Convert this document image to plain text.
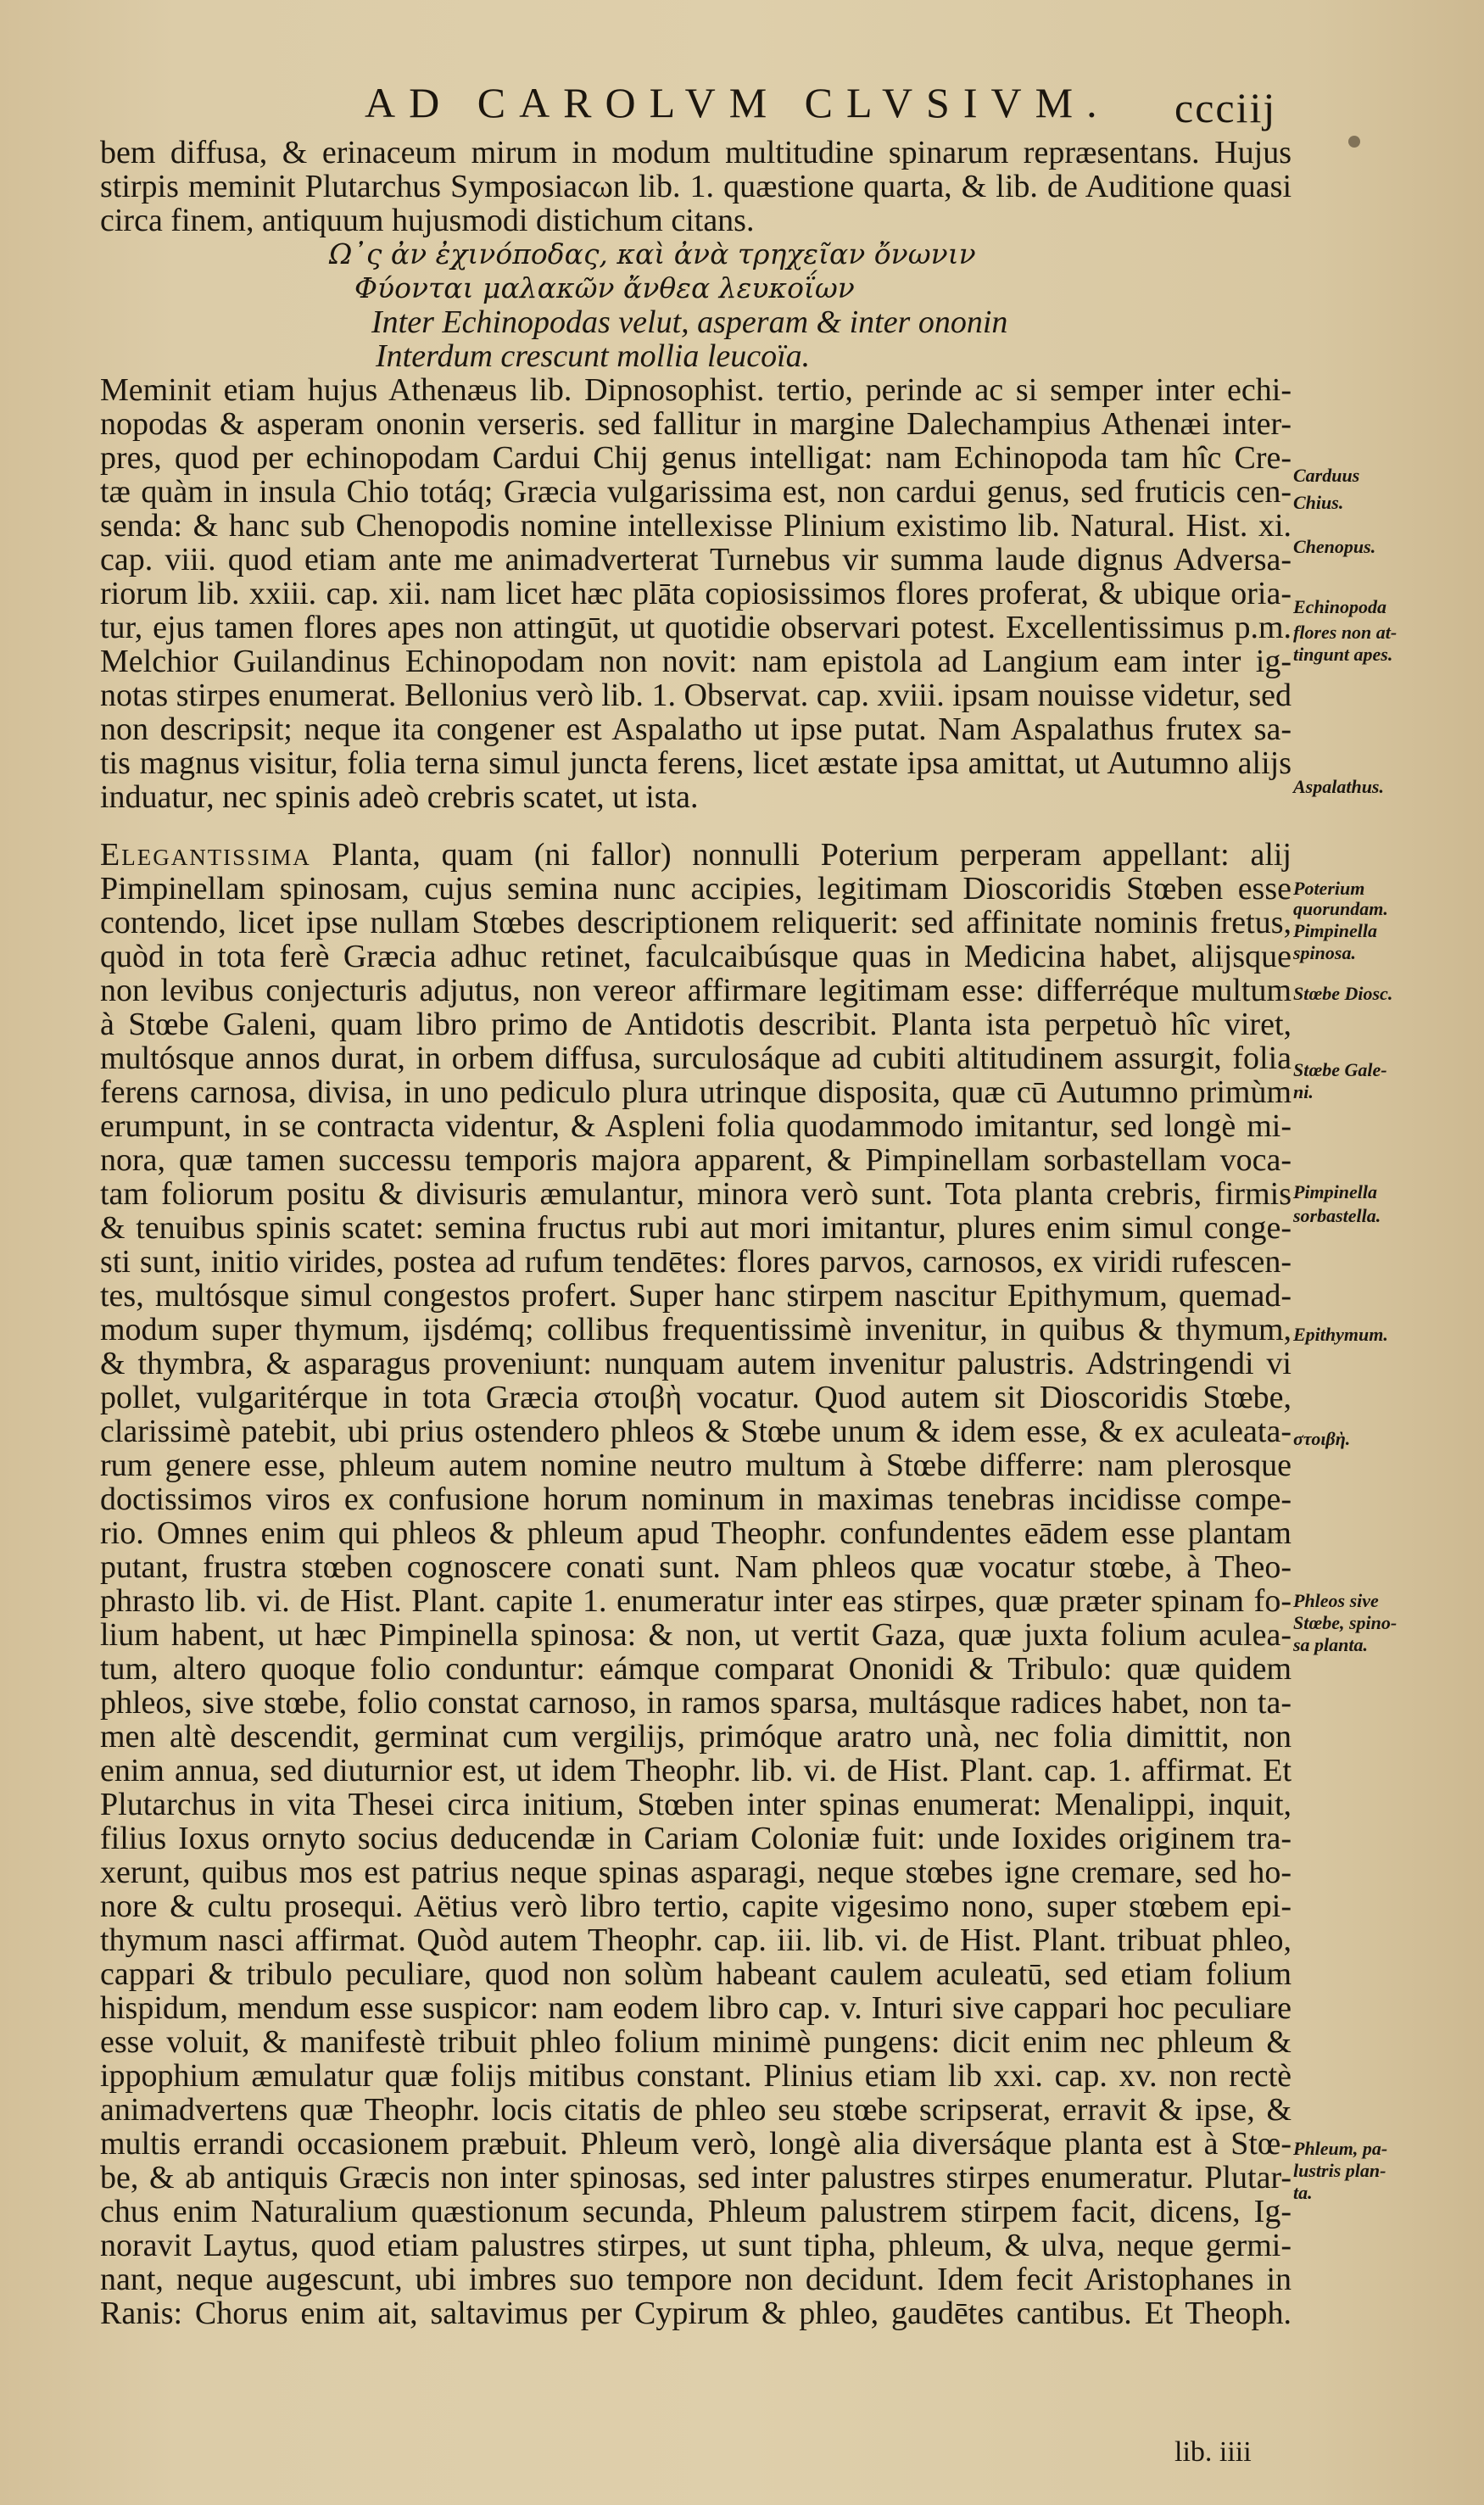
AD CAROLVM CLVSIVM. ccciij
bem diffusa, & erinaceum mirum in modum multitudine spinarum repræsentans. Hujus
stirpis meminit Plutarchus Symposiacωn lib. 1. quæstione quarta, & lib. de Auditione quasi
circa finem, antiquum hujusmodi distichum citans.
Ω᾽ς ἀν ἐχινόποδας, καὶ ἀνὰ τρηχεῖαν ὄνωνιν
Φύονται μαλακῶν ἄνθεα λευκοΐων
Inter Echinopodas velut, asperam & inter ononin
Interdum crescunt mollia leucoïa.
Meminit etiam hujus Athenæus lib. Dipnosophist. tertio, perinde ac si semper inter echi-
nopodas & asperam ononin verseris. sed fallitur in margine Dalechampius Athenæi inter-
pres, quod per echinopodam Cardui Chij genus intelligat: nam Echinopoda tam hîc Cre-
tæ quàm in insula Chio totáq; Græcia vulgarissima est, non cardui genus, sed fruticis cen-
senda: & hanc sub Chenopodis nomine intellexisse Plinium existimo lib. Natural. Hist. xi.
cap. viii. quod etiam ante me animadverterat Turnebus vir summa laude dignus Adversa-
riorum lib. xxiii. cap. xii. nam licet hæc plāta copiosissimos flores proferat, & ubique oria-
tur, ejus tamen flores apes non attingūt, ut quotidie observari potest. Excellentissimus p.m.
Melchior Guilandinus Echinopodam non novit: nam epistola ad Langium eam inter ig-
notas stirpes enumerat. Bellonius verò lib. 1. Observat. cap. xviii. ipsam nouisse videtur, sed
non descripsit; neque ita congener est Aspalatho ut ipse putat. Nam Aspalathus frutex sa-
tis magnus visitur, folia terna simul juncta ferens, licet æstate ipsa amittat, ut Autumno alijs
induatur, nec spinis adeò crebris scatet, ut ista.
Elegantissima Planta, quam (ni fallor) nonnulli Poterium perperam appellant: alij
Pimpinellam spinosam, cujus semina nunc accipies, legitimam Dioscoridis Stœben esse
contendo, licet ipse nullam Stœbes descriptionem reliquerit: sed affinitate nominis fretus,
quòd in tota ferè Græcia adhuc retinet, faculcaibúsque quas in Medicina habet, alijsque
non levibus conjecturis adjutus, non vereor affirmare legitimam esse: differréque multum
à Stœbe Galeni, quam libro primo de Antidotis describit. Planta ista perpetuò hîc viret,
multósque annos durat, in orbem diffusa, surculosáque ad cubiti altitudinem assurgit, folia
ferens carnosa, divisa, in uno pediculo plura utrinque disposita, quæ cū Autumno primùm
erumpunt, in se contracta videntur, & Aspleni folia quodammodo imitantur, sed longè mi-
nora, quæ tamen successu temporis majora apparent, & Pimpinellam sorbastellam voca-
tam foliorum positu & divisuris æmulantur, minora verò sunt. Tota planta crebris, firmis
& tenuibus spinis scatet: semina fructus rubi aut mori imitantur, plures enim simul conge-
sti sunt, initio virides, postea ad rufum tendētes: flores parvos, carnosos, ex viridi rufescen-
tes, multósque simul congestos profert. Super hanc stirpem nascitur Epithymum, quemad-
modum super thymum, ijsdémq; collibus frequentissimè invenitur, in quibus & thymum,
& thymbra, & asparagus proveniunt: nunquam autem invenitur palustris. Adstringendi vi
pollet, vulgaritérque in tota Græcia στοιβὴ vocatur. Quod autem sit Dioscoridis Stœbe,
clarissimè patebit, ubi prius ostendero phleos & Stœbe unum & idem esse, & ex aculeata-
rum genere esse, phleum autem nomine neutro multum à Stœbe differre: nam plerosque
doctissimos viros ex confusione horum nominum in maximas tenebras incidisse compe-
rio. Omnes enim qui phleos & phleum apud Theophr. confundentes eādem esse plantam
putant, frustra stœben cognoscere conati sunt. Nam phleos quæ vocatur stœbe, à Theo-
phrasto lib. vi. de Hist. Plant. capite 1. enumeratur inter eas stirpes, quæ præter spinam fo-
lium habent, ut hæc Pimpinella spinosa: & non, ut vertit Gaza, quæ juxta folium aculea-
tum, altero quoque folio conduntur: eámque comparat Ononidi & Tribulo: quæ quidem
phleos, sive stœbe, folio constat carnoso, in ramos sparsa, multásque radices habet, non ta-
men altè descendit, germinat cum vergilijs, primóque aratro unà, nec folia dimittit, non
enim annua, sed diuturnior est, ut idem Theophr. lib. vi. de Hist. Plant. cap. 1. affirmat. Et
Plutarchus in vita Thesei circa initium, Stœben inter spinas enumerat: Menalippi, inquit,
filius Ioxus ornyto socius deducendæ in Cariam Coloniæ fuit: unde Ioxides originem tra-
xerunt, quibus mos est patrius neque spinas asparagi, neque stœbes igne cremare, sed ho-
nore & cultu prosequi. Aëtius verò libro tertio, capite vigesimo nono, super stœbem epi-
thymum nasci affirmat. Quòd autem Theophr. cap. iii. lib. vi. de Hist. Plant. tribuat phleo,
cappari & tribulo peculiare, quod non solùm habeant caulem aculeatū, sed etiam folium
hispidum, mendum esse suspicor: nam eodem libro cap. v. Inturi sive cappari hoc peculiare
esse voluit, & manifestè tribuit phleo folium minimè pungens: dicit enim nec phleum &
ippophium æmulatur quæ folijs mitibus constant. Plinius etiam lib xxi. cap. xv. non rectè
animadvertens quæ Theophr. locis citatis de phleo seu stœbe scripserat, erravit & ipse, &
multis errandi occasionem præbuit. Phleum verò, longè alia diversáque planta est à Stœ-
be, & ab antiquis Græcis non inter spinosas, sed inter palustres stirpes enumeratur. Plutar-
chus enim Naturalium quæstionum secunda, Phleum palustrem stirpem facit, dicens, Ig-
noravit Laytus, quod etiam palustres stirpes, ut sunt tipha, phleum, & ulva, neque germi-
nant, neque augescunt, ubi imbres suo tempore non decidunt. Idem fecit Aristophanes in
Ranis: Chorus enim ait, saltavimus per Cypirum & phleo, gaudētes cantibus. Et Theoph.
Carduus
Chius.
Chenopus.
Echinopoda
flores non at-
tingunt apes.
Aspalathus.
Poterium
quorundam.
Pimpinella
spinosa.
Stœbe Diosc.
Stœbe Gale-
ni.
Pimpinella
sorbastella.
Epithymum.
στοιβὴ.
Phleos sive
Stœbe, spino-
sa planta.
Phleum, pa-
lustris plan-
ta.
lib. iiii
